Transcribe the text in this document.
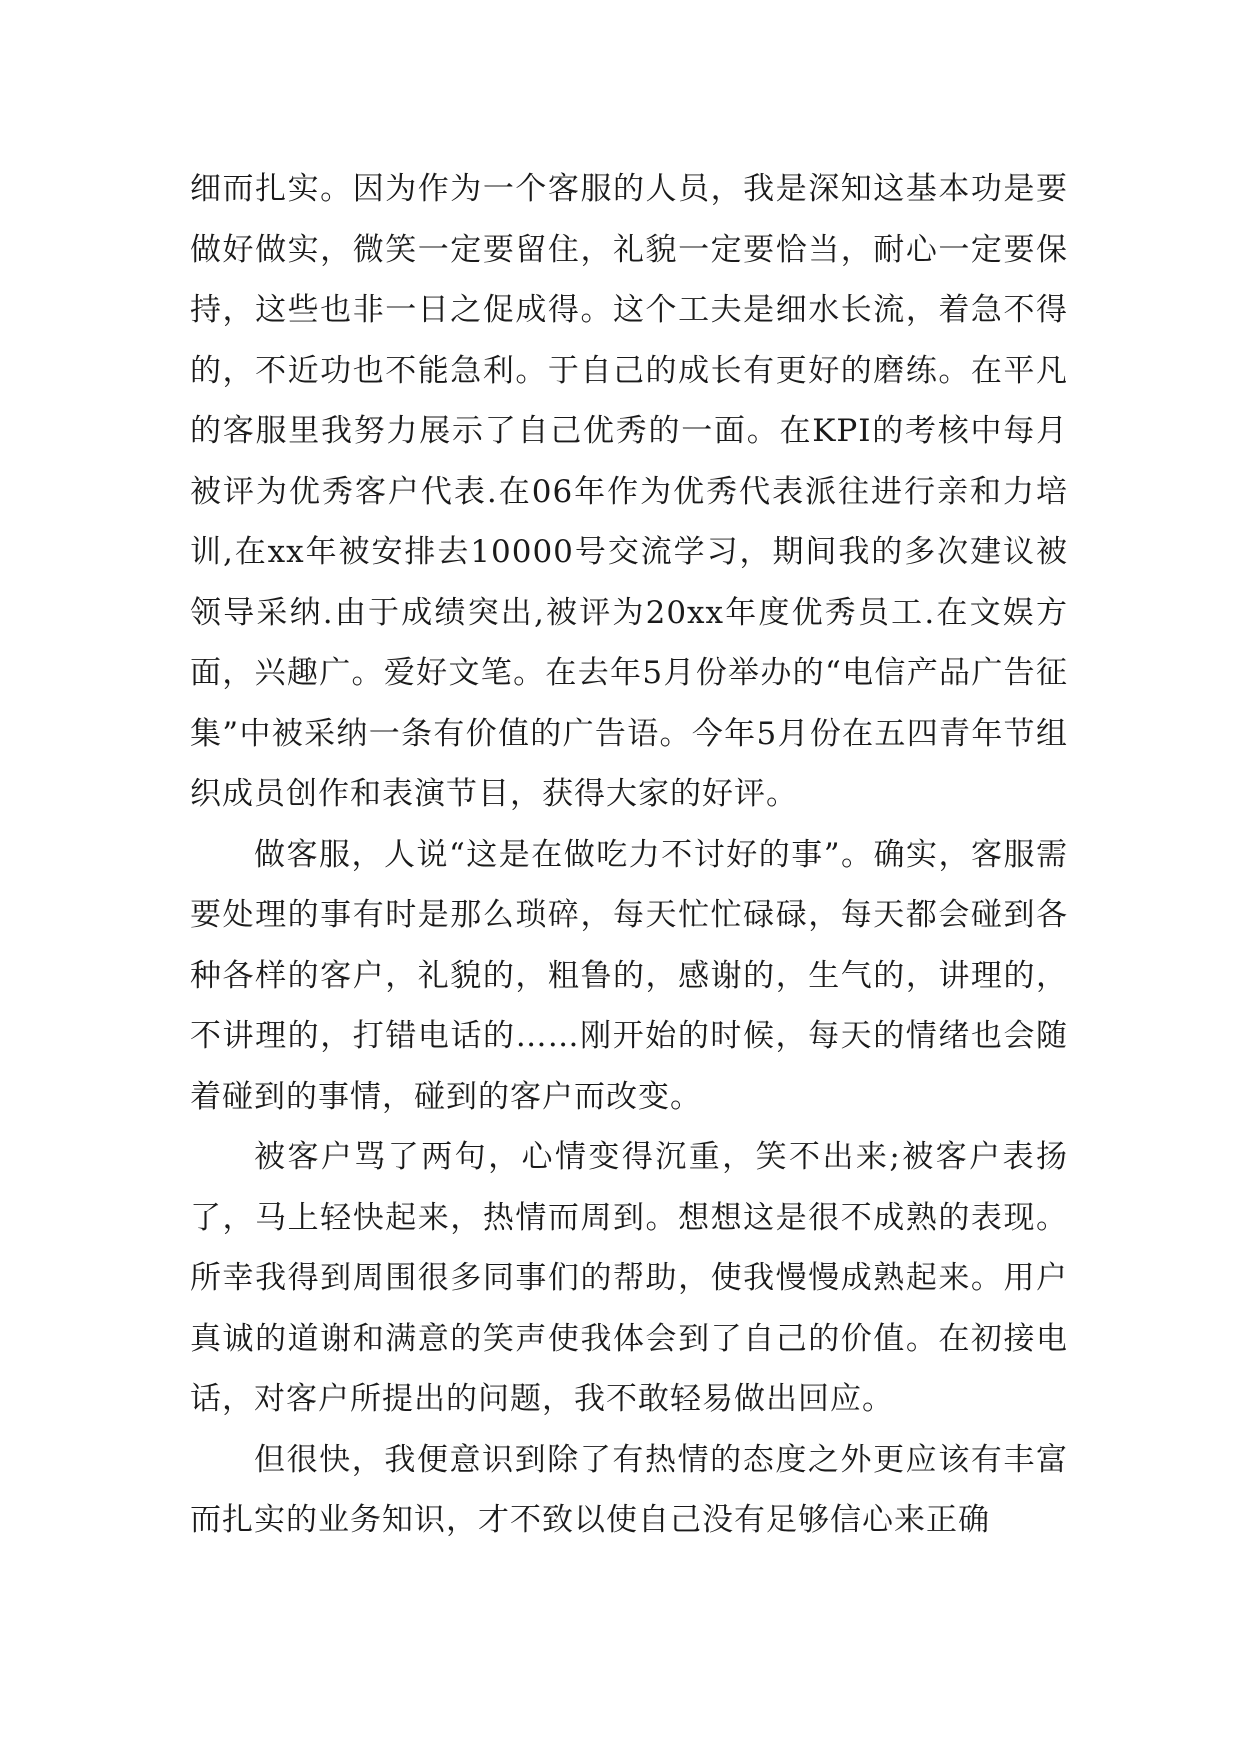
细而扎实。因为作为一个客服的人员，我是深知这基本功是要做好做实，微笑一定要留住，礼貌一定要恰当，耐心一定要保持，这些也非一日之促成得。这个工夫是细水长流，着急不得的，不近功也不能急利。于自己的成长有更好的磨练。在平凡的客服里我努力展示了自己优秀的一面。在KPI的考核中每月被评为优秀客户代表.在06年作为优秀代表派往进行亲和力培训,在xx年被安排去10000号交流学习，期间我的多次建议被领导采纳.由于成绩突出,被评为20xx年度优秀员工.在文娱方面，兴趣广。爱好文笔。在去年5月份举办的“电信产品广告征集”中被采纳一条有价值的广告语。今年5月份在五四青年节组织成员创作和表演节目，获得大家的好评。

做客服，人说“这是在做吃力不讨好的事”。确实，客服需要处理的事有时是那么琐碎，每天忙忙碌碌，每天都会碰到各种各样的客户，礼貌的，粗鲁的，感谢的，生气的，讲理的，不讲理的，打错电话的……刚开始的时候，每天的情绪也会随着碰到的事情，碰到的客户而改变。

被客户骂了两句，心情变得沉重，笑不出来;被客户表扬了，马上轻快起来，热情而周到。想想这是很不成熟的表现。所幸我得到周围很多同事们的帮助，使我慢慢成熟起来。用户真诚的道谢和满意的笑声使我体会到了自己的价值。在初接电话，对客户所提出的问题，我不敢轻易做出回应。

但很快，我便意识到除了有热情的态度之外更应该有丰富而扎实的业务知识，才不致以使自己没有足够信心来正确
